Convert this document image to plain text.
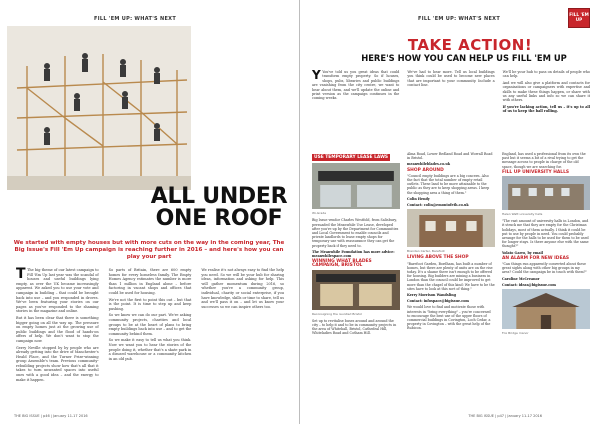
FILL 'EM UP: WHAT'S NEXT
ALL UNDER
ONE ROOF
We started with empty houses but with more cuts on the way in the coming year, The Big Issue's Fill 'Em Up campaign is reaching further in 2016 – and here's how you can play your part

T The big theme of our latest campaign to Fill 'Em Up last year was the scandal of houses and useful buildings lying empty, as over the UK became increasingly apparent. We asked you to use your vote and campaign in building – that could be brought back into use – and you responded in droves. We've been featuring your stories on our pages as you've responded to the shaming stories in the magazine and online.

But it has been clear that there is something bigger going on all the way up. The pressure on empty homes just at the growing use of public buildings and the flood of hands-on offers of help. We don't want to stop the campaign now.

Gerry Neville stopped by by people who are already getting into the drive of Manchester's Heald Place, and the Turner Prize-winning group Assemble's team. Previous community-rebuilding projects show how that's all that it takes to turn unwanted spaces into useful ones with a good idea – and the energy to make it happen.

So parts of Britain, there are 600 empty homes for every homeless family. The Empty Homes Agency estimates the number is more than 1 million in England alone – before factoring in vacant shops and offices that could be used for housing.

We're not the first to point this out – but that is the point. It is time to step up and keep pushing.

So we know we can do our part. We're asking community projects, charities and local groups to be at the heart of plans to bring empty buildings back into use – and to get the community behind them.

So we make it easy to tell us what you think. Now we want you to hear the stories of the people doing it, whether that's a skate park in a disused warehouse or a community kitchen in an old pub.

We realise it's not always easy to find the help you need. So we will be your hub for sharing ideas, information and asking for help. This will gather momentum during 2016, so whether you're a community group, individual, charity or social enterprise, if you have knowledge, skills or time to share, tell us and we'll pass it on – and let us know your successes so we can inspire others too.

THE BIG ISSUE | p46 | January 11-17 2016
FILL 'EM UP: WHAT'S NEXT
FILL 'EM UP
TAKE ACTION!
HERE'S HOW YOU CAN HELP US FILL 'EM UP

Y You've told us you great ideas that could transform empty property. So if houses, shops, pubs, libraries and public buildings are vanishing from the city centre, we want to hear about them, and we'll update the online and print version as the campaign continues in the coming weeks.

We've had to hear more. Tell us local buildings you think could be used to become new places that are important to your community. Include a contact line.

We'll be your hub to pass on details of people who can help.

And we will also give a platform and contacts for organisations or campaigners with expertise and skills to make these things happen, or share with us any useful links and info so we can share it with others.

If you're lacking action, tell us – it's up to all of us to keep the ball rolling.

USE TEMPORARY LEASE LAWS
Wi-Grade

Big Issue vendor Charles Westfold, from Salisbury, persuaded the Meanwhile Use Lease, developed after you're up by the Department for Communities and Local Government to enable councils and private landlords to lease empty shops for temporary use with reassurance they can get the property back if they need to.

The Meanwhile Foundation has more advice: meanwhilespace.com

WINNING WHAT BLADES CAMPAIGN, BRISTOL
Reconsigning the reunited Bristol

Set up to revitalise buses around and around the city – to help it and to be in community projects in the area of Whitehall, Bristol, Cathedral Hill, Whiteladies Road and Cotham Hill.

Alma Road, Lower Redland Road and Worrall Road in Bristol.

meanwhileblades.co.uk

SHOP AROUND

"Council empty buildings are a big concern. Also the fact that the total number of empty retail outlets. These land to be more attainable to the public as they are to keep shopping areas. I keep the shopping area a thing of them."

Colin Hendy

Contact: colin@emontofeth.co.uk

Brendan Carter, Barefoot
LIVING ABOVE THE SHOP

"Barefoot Garden, Bordham, has built a number of homes, but there are plenty of units are on the rise today. It's a shame there isn't enough to be offered for housing. Big builders are mining a business in London than the council could be improved to get more than the chapel of this kind: We have to be the sites have to look at this sort of thing."

Kerry Morrison Wandsling

Contact: infospace@bigissue.com

We would love to find and motivate those with interests in "bring everything" – you're concerned to encourage the best use of the upper floors of commercial buildings in Covington, Loch Cedar, a property in Covington – with the great help of the Rubicon.

England, has used a professional from its own the past but it seems a bit of a rival trying to get the message across to people in charge of the old space, though we are searching for.

FILL UP UNIVERSITY HALLS
Helen Watt university halls

"The vast amount of university halls in London, and it struck me that they are empty for the Christmas holidays, most of them actually. I think it could be put to use by people in need. You could probably arrange for the halls to be used for them to be used for longer stays. Is there anyone else with the same thought?"

Yolato Garro, by email

AN ALARM FOR NEW IDEAS

"Can things run apparently converted about these great sights along with other big groups in my area? Could the campaign be in touch with them?"

Caroline McCreanor

Contact: ideas@bigissue.com

Fox Bridge manor
THE BIG ISSUE | p47 | January 11-17 2016
